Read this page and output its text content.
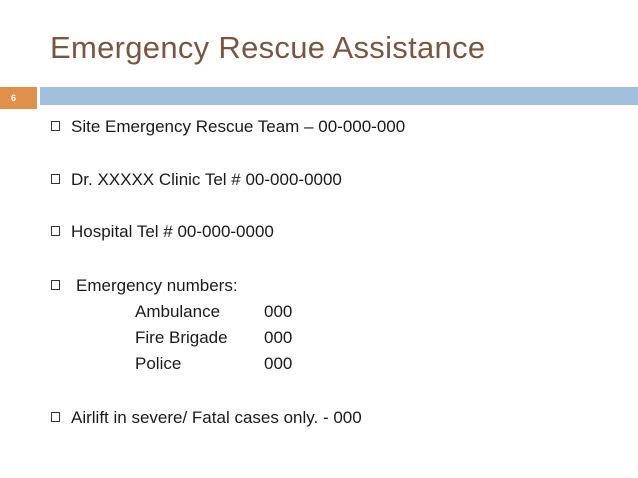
Emergency Rescue Assistance
6
Site Emergency Rescue Team – 00-000-000
Dr. XXXXX Clinic Tel # 00-000-0000
Hospital Tel # 00-000-0000
Emergency numbers:
Ambulance	000
Fire Brigade 000
Police	000
Airlift in severe/ Fatal cases only. - 000
